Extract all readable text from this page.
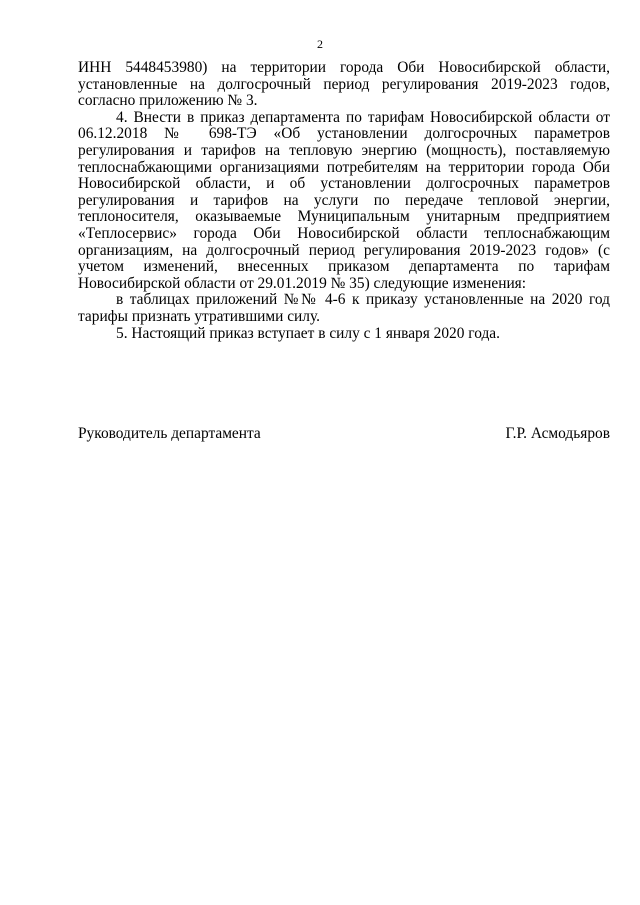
2

ИНН 5448453980) на территории города Оби Новосибирской области, установленные на долгосрочный период регулирования 2019-2023 годов, согласно приложению № 3.

4. Внести в приказ департамента по тарифам Новосибирской области от 06.12.2018 № 698-ТЭ «Об установлении долгосрочных параметров регулирования и тарифов на тепловую энергию (мощность), поставляемую теплоснабжающими организациями потребителям на территории города Оби Новосибирской области, и об установлении долгосрочных параметров регулирования и тарифов на услуги по передаче тепловой энергии, теплоносителя, оказываемые Муниципальным унитарным предприятием «Теплосервис» города Оби Новосибирской области теплоснабжающим организациям, на долгосрочный период регулирования 2019-2023 годов» (с учетом изменений, внесенных приказом департамента по тарифам Новосибирской области от 29.01.2019 № 35) следующие изменения:

в таблицах приложений №№ 4-6 к приказу установленные на 2020 год тарифы признать утратившими силу.

5. Настоящий приказ вступает в силу с 1 января 2020 года.

Руководитель департамента	Г.Р. Асмодьяров
